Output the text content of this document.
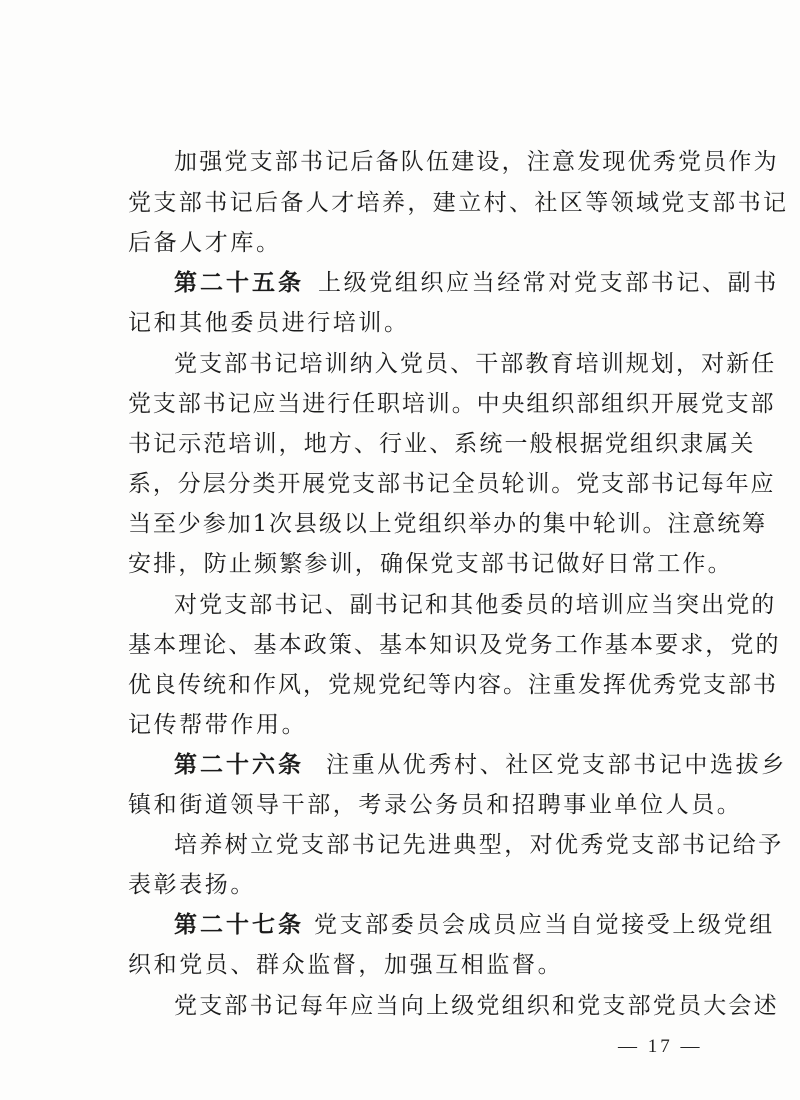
加强党支部书记后备队伍建设，注意发现优秀党员作为
党支部书记后备人才培养，建立村、社区等领域党支部书记
后备人才库。
第二十五条 上级党组织应当经常对党支部书记、副书
记和其他委员进行培训。
党支部书记培训纳入党员、干部教育培训规划，对新任
党支部书记应当进行任职培训。中央组织部组织开展党支部
书记示范培训，地方、行业、系统一般根据党组织隶属关
系，分层分类开展党支部书记全员轮训。党支部书记每年应
当至少参加1次县级以上党组织举办的集中轮训。注意统筹
安排，防止频繁参训，确保党支部书记做好日常工作。
对党支部书记、副书记和其他委员的培训应当突出党的
基本理论、基本政策、基本知识及党务工作基本要求，党的
优良传统和作风，党规党纪等内容。注重发挥优秀党支部书
记传帮带作用。
第二十六条 注重从优秀村、社区党支部书记中选拔乡
镇和街道领导干部，考录公务员和招聘事业单位人员。
培养树立党支部书记先进典型，对优秀党支部书记给予
表彰表扬。
第二十七条 党支部委员会成员应当自觉接受上级党组
织和党员、群众监督，加强互相监督。
党支部书记每年应当向上级党组织和党支部党员大会述
— 17 —
